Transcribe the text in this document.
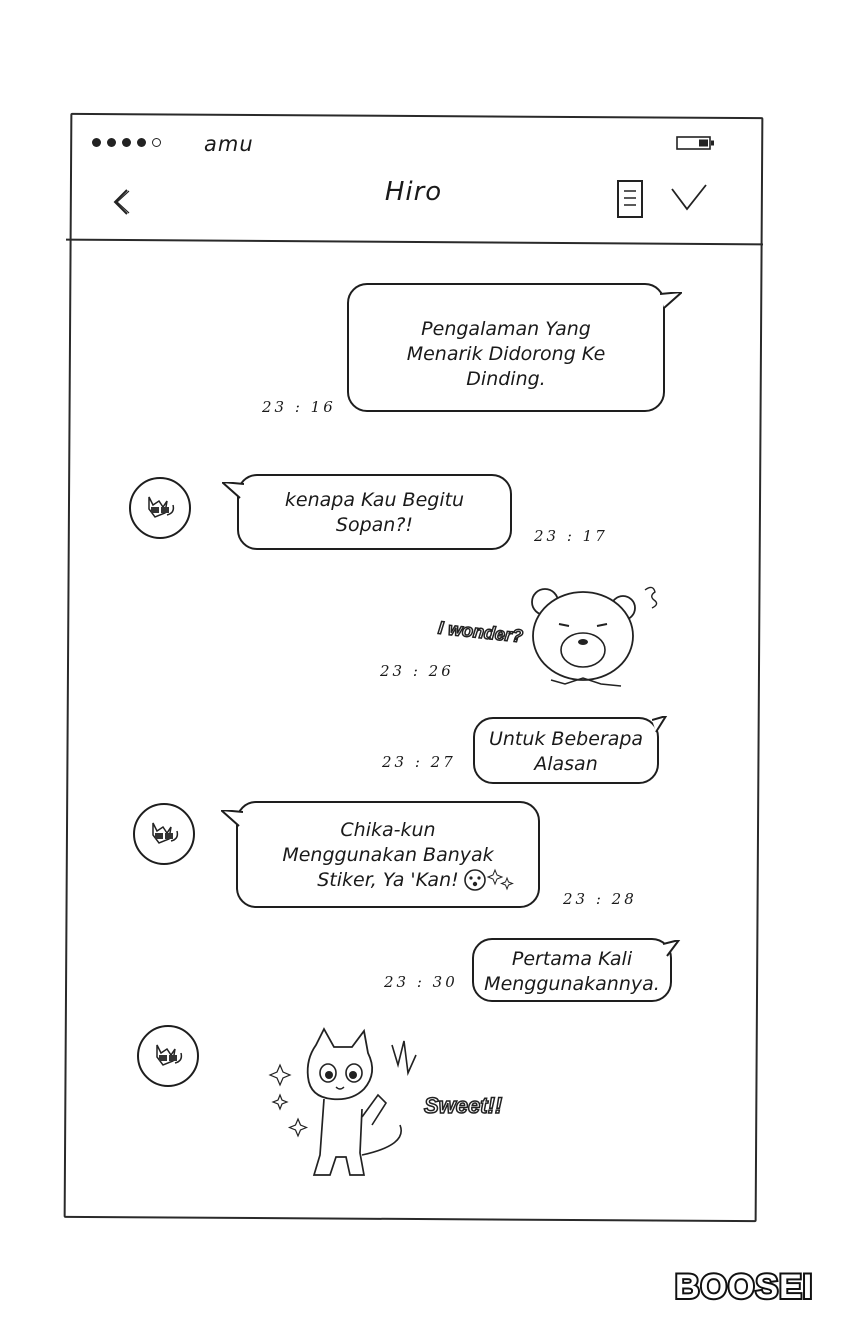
amu
Hiro
Pengalaman Yang
Menarik Didorong Ke
Dinding.
23 : 16
kenapa Kau Begitu
Sopan?!	23 : 17
I wonder?
23 : 26
Untuk Beberapa
Alasan
23 : 27
Chika-kun
Menggunakan Banyak
Stiker, Ya 'Kan!
23 : 28
Pertama Kali
Menggunakannya.
23 : 30
Sweet!!
BOOSEI
